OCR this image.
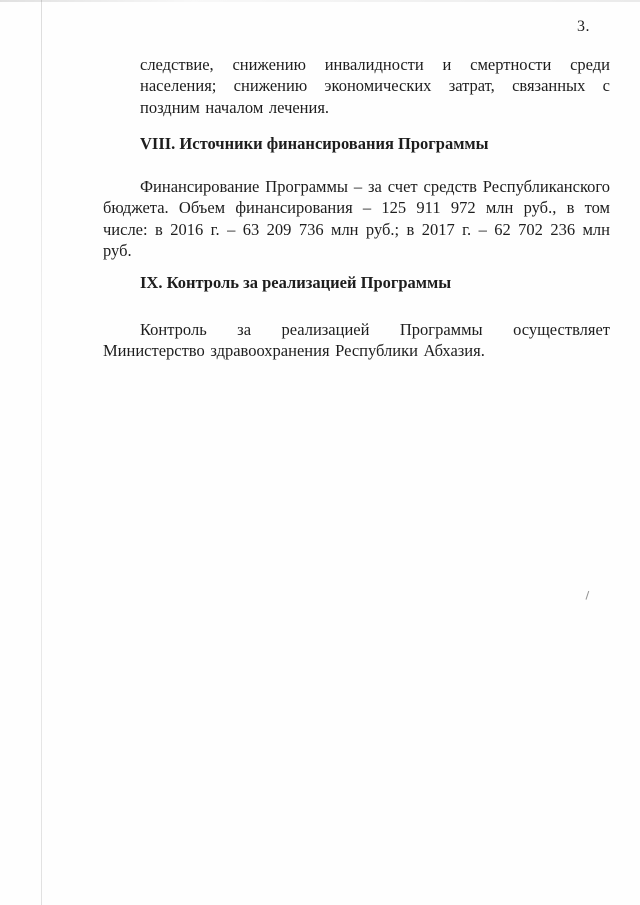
3.

следствие, снижению инвалидности и смертности среди населения; снижению экономических затрат, связанных с поздним началом лечения.

VIII. Источники финансирования Программы

Финансирование Программы – за счет средств Республиканского бюджета. Объем финансирования – 125 911 972 млн руб., в том числе: в 2016 г. – 63 209 736 млн руб.; в 2017 г. – 62 702 236 млн руб.

IX. Контроль за реализацией Программы

Контроль за реализацией Программы осуществляет Министерство здравоохранения Республики Абхазия.
